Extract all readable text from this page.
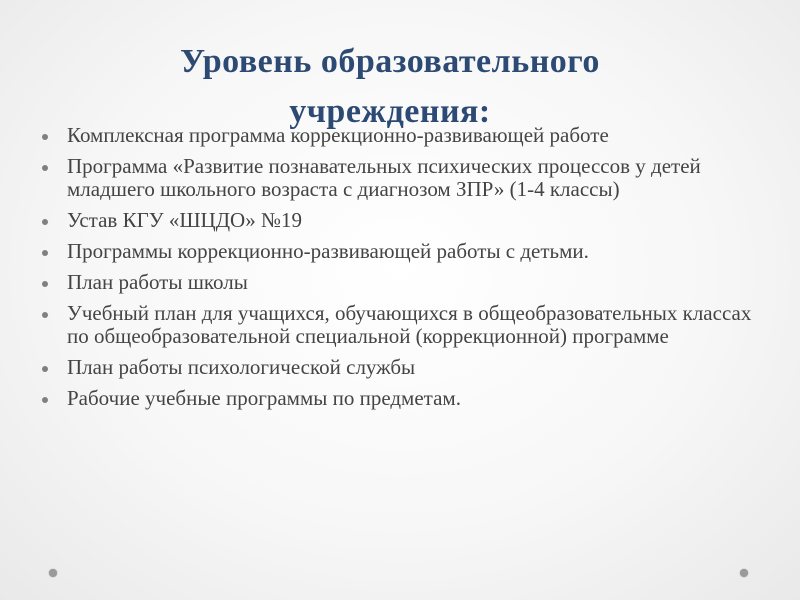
Уровень образовательного
учреждения:
Комплексная программа коррекционно-развивающей работе
Программа «Развитие познавательных психических процессов у детей младшего школьного возраста с диагнозом ЗПР» (1-4 классы)
Устав КГУ «ШЦДО» №19
Программы коррекционно-развивающей работы с детьми.
План работы школы
Учебный план для учащихся, обучающихся в общеобразовательных классах по общеобразовательной специальной (коррекционной) программе
План работы психологической службы
Рабочие учебные программы по предметам.
